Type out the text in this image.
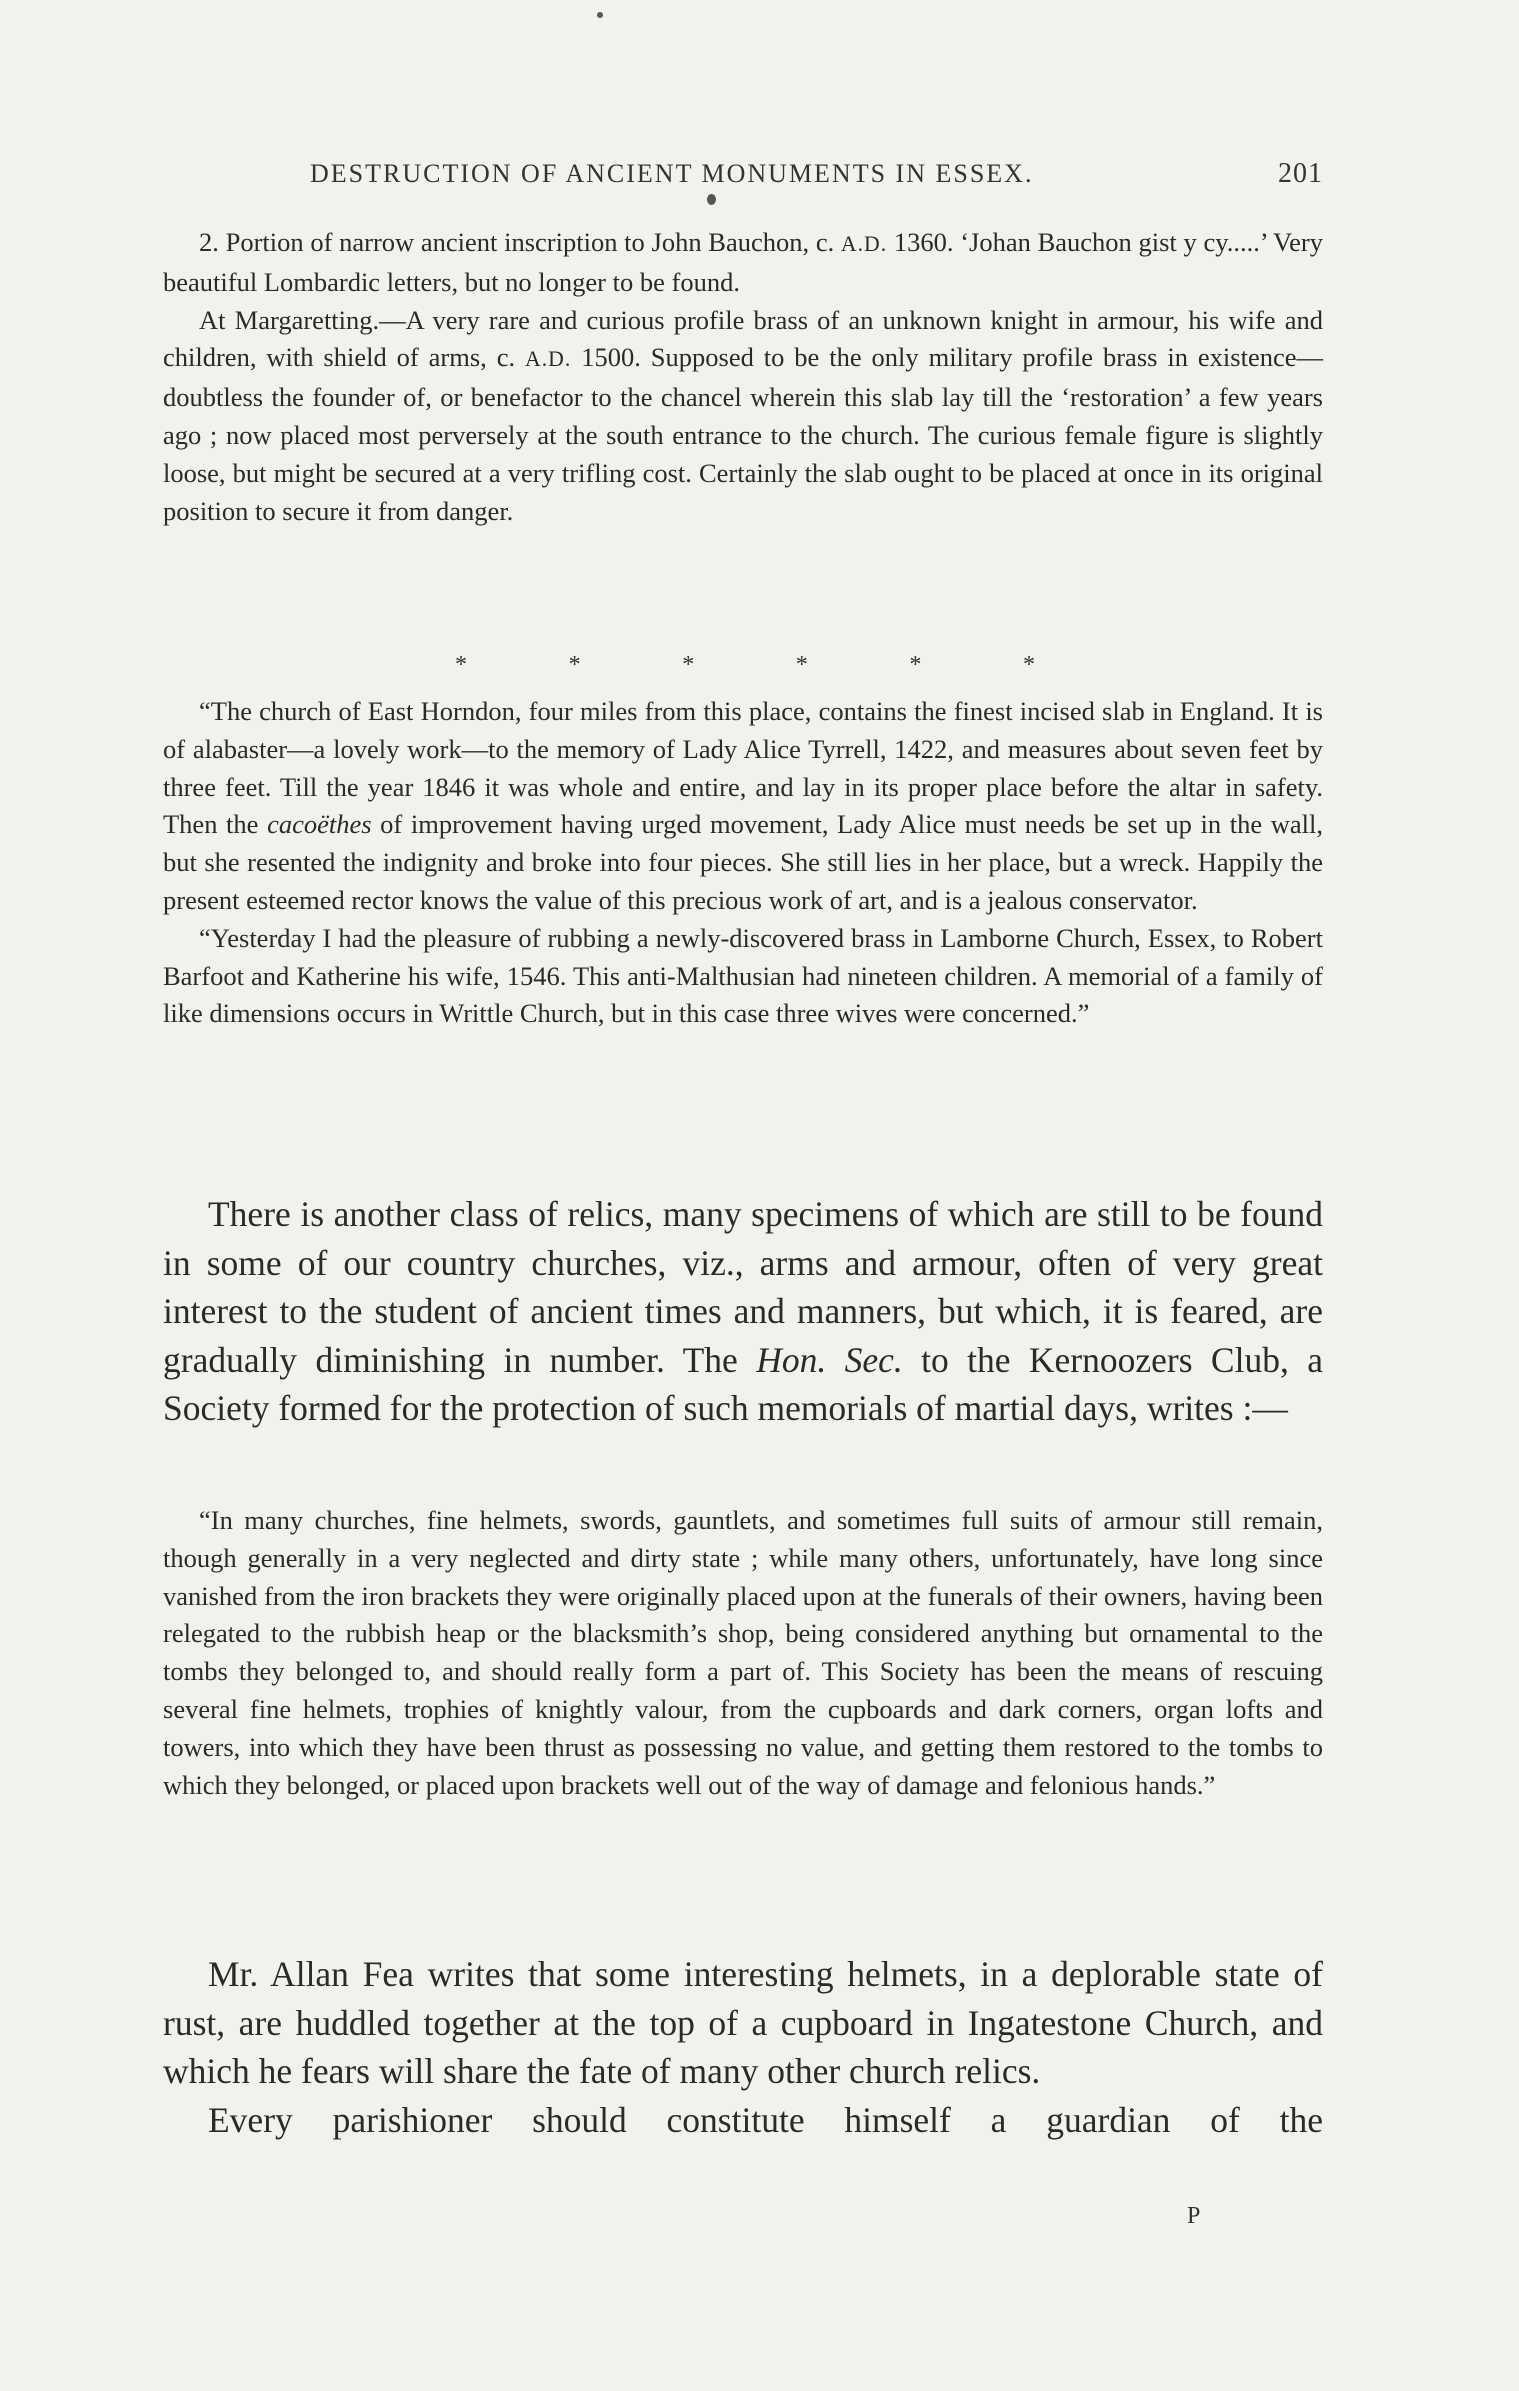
DESTRUCTION OF ANCIENT MONUMENTS IN ESSEX.	201

2. Portion of narrow ancient inscription to John Bauchon, c. A.D. 1360. ‘Johan Bauchon gist y cy.....’ Very beautiful Lombardic letters, but no longer to be found.

At Margaretting.—A very rare and curious profile brass of an unknown knight in armour, his wife and children, with shield of arms, c. A.D. 1500. Supposed to be the only military profile brass in existence—doubtless the founder of, or benefactor to the chancel wherein this slab lay till the ‘restoration’ a few years ago ; now placed most perversely at the south entrance to the church. The curious female figure is slightly loose, but might be secured at a very trifling cost. Certainly the slab ought to be placed at once in its original position to secure it from danger.

*	*	*	*	*	*

“The church of East Horndon, four miles from this place, contains the finest incised slab in England. It is of alabaster—a lovely work—to the memory of Lady Alice Tyrrell, 1422, and measures about seven feet by three feet. Till the year 1846 it was whole and entire, and lay in its proper place before the altar in safety. Then the cacoëthes of improvement having urged movement, Lady Alice must needs be set up in the wall, but she resented the indignity and broke into four pieces. She still lies in her place, but a wreck. Happily the present esteemed rector knows the value of this precious work of art, and is a jealous conservator.

“Yesterday I had the pleasure of rubbing a newly-discovered brass in Lamborne Church, Essex, to Robert Barfoot and Katherine his wife, 1546. This anti-Malthusian had nineteen children. A memorial of a family of like dimensions occurs in Writtle Church, but in this case three wives were concerned.”

There is another class of relics, many specimens of which are still to be found in some of our country churches, viz., arms and armour, often of very great interest to the student of ancient times and manners, but which, it is feared, are gradually diminishing in number. The Hon. Sec. to the Kernoozers Club, a Society formed for the protection of such memorials of martial days, writes :—

“In many churches, fine helmets, swords, gauntlets, and sometimes full suits of armour still remain, though generally in a very neglected and dirty state ; while many others, unfortunately, have long since vanished from the iron brackets they were originally placed upon at the funerals of their owners, having been relegated to the rubbish heap or the blacksmith’s shop, being considered anything but ornamental to the tombs they belonged to, and should really form a part of. This Society has been the means of rescuing several fine helmets, trophies of knightly valour, from the cupboards and dark corners, organ lofts and towers, into which they have been thrust as possessing no value, and getting them restored to the tombs to which they belonged, or placed upon brackets well out of the way of damage and felonious hands.”

Mr. Allan Fea writes that some interesting helmets, in a deplorable state of rust, are huddled together at the top of a cupboard in Ingatestone Church, and which he fears will share the fate of many other church relics.

Every parishioner should constitute himself a guardian of the

P
